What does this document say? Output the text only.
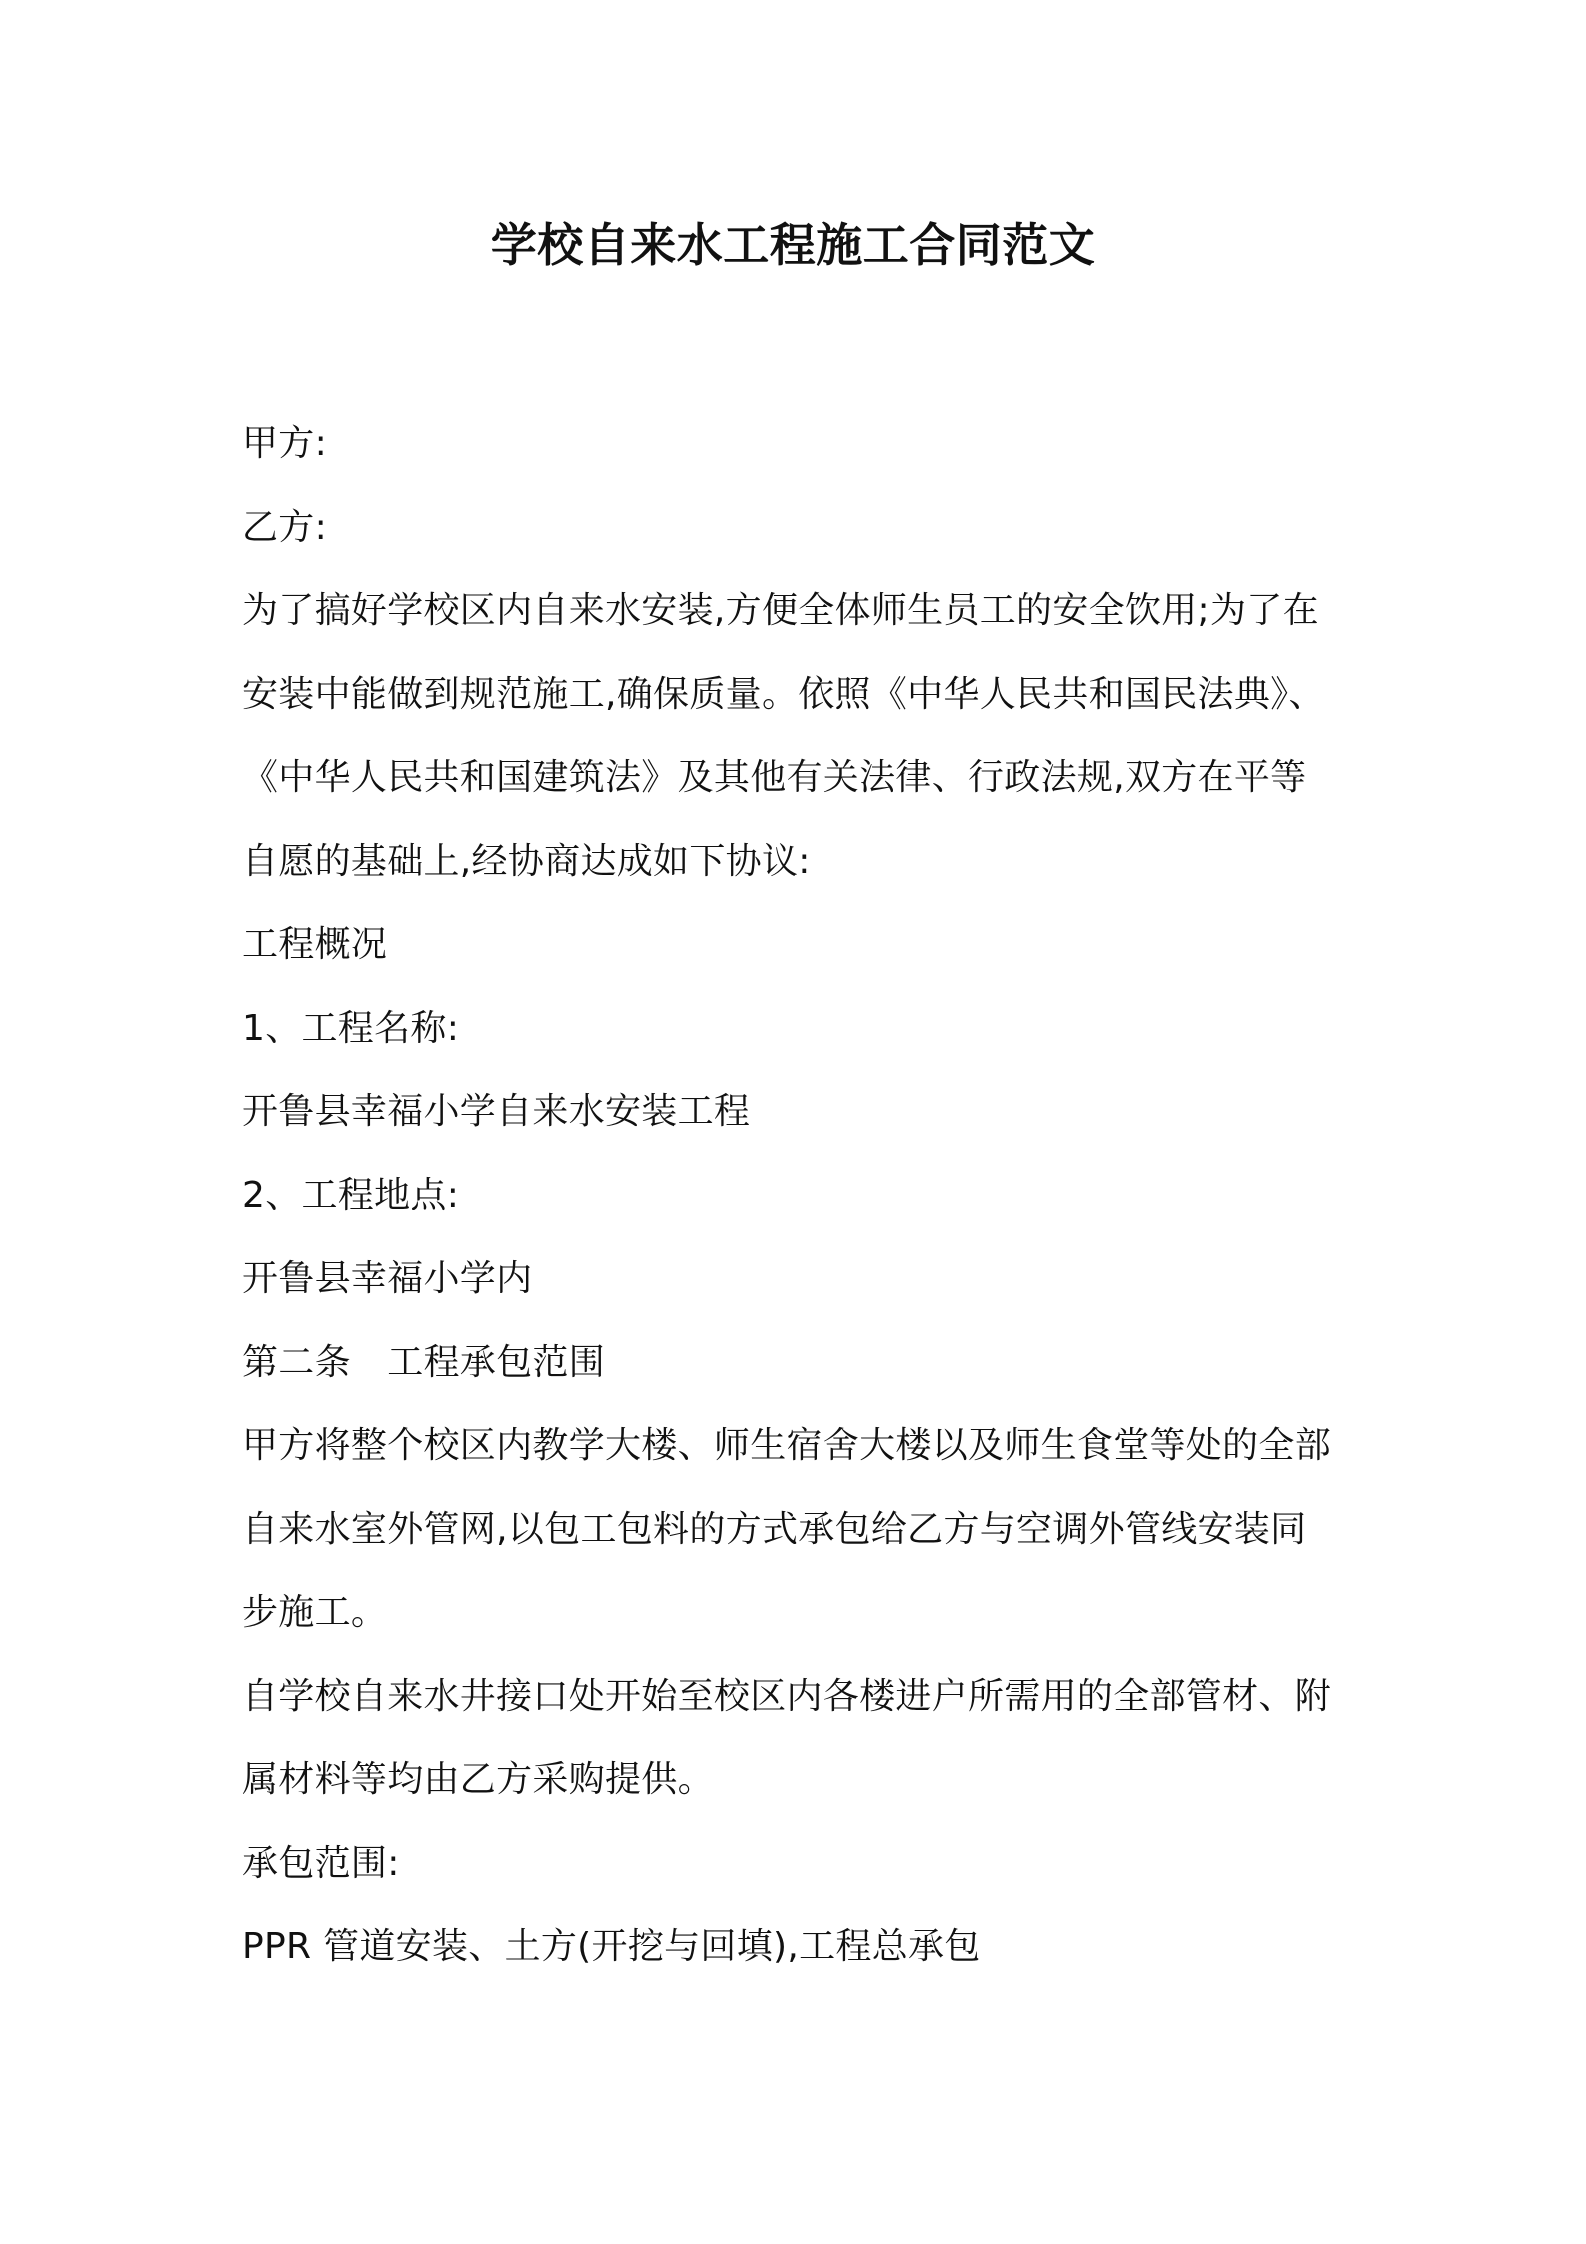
学校自来水工程施工合同范文

甲方:

乙方:

为了搞好学校区内自来水安装,方便全体师生员工的安全饮用;为了在

安装中能做到规范施工,确保质量。依照《中华人民共和国民法典》、

《中华人民共和国建筑法》及其他有关法律、行政法规,双方在平等

自愿的基础上,经协商达成如下协议:

工程概况

1、工程名称:

开鲁县幸福小学自来水安装工程

2、工程地点:

开鲁县幸福小学内

第二条　工程承包范围

甲方将整个校区内教学大楼、师生宿舍大楼以及师生食堂等处的全部

自来水室外管网,以包工包料的方式承包给乙方与空调外管线安装同

步施工。

自学校自来水井接口处开始至校区内各楼进户所需用的全部管材、附

属材料等均由乙方采购提供。

承包范围:

PPR 管道安装、土方(开挖与回填),工程总承包
